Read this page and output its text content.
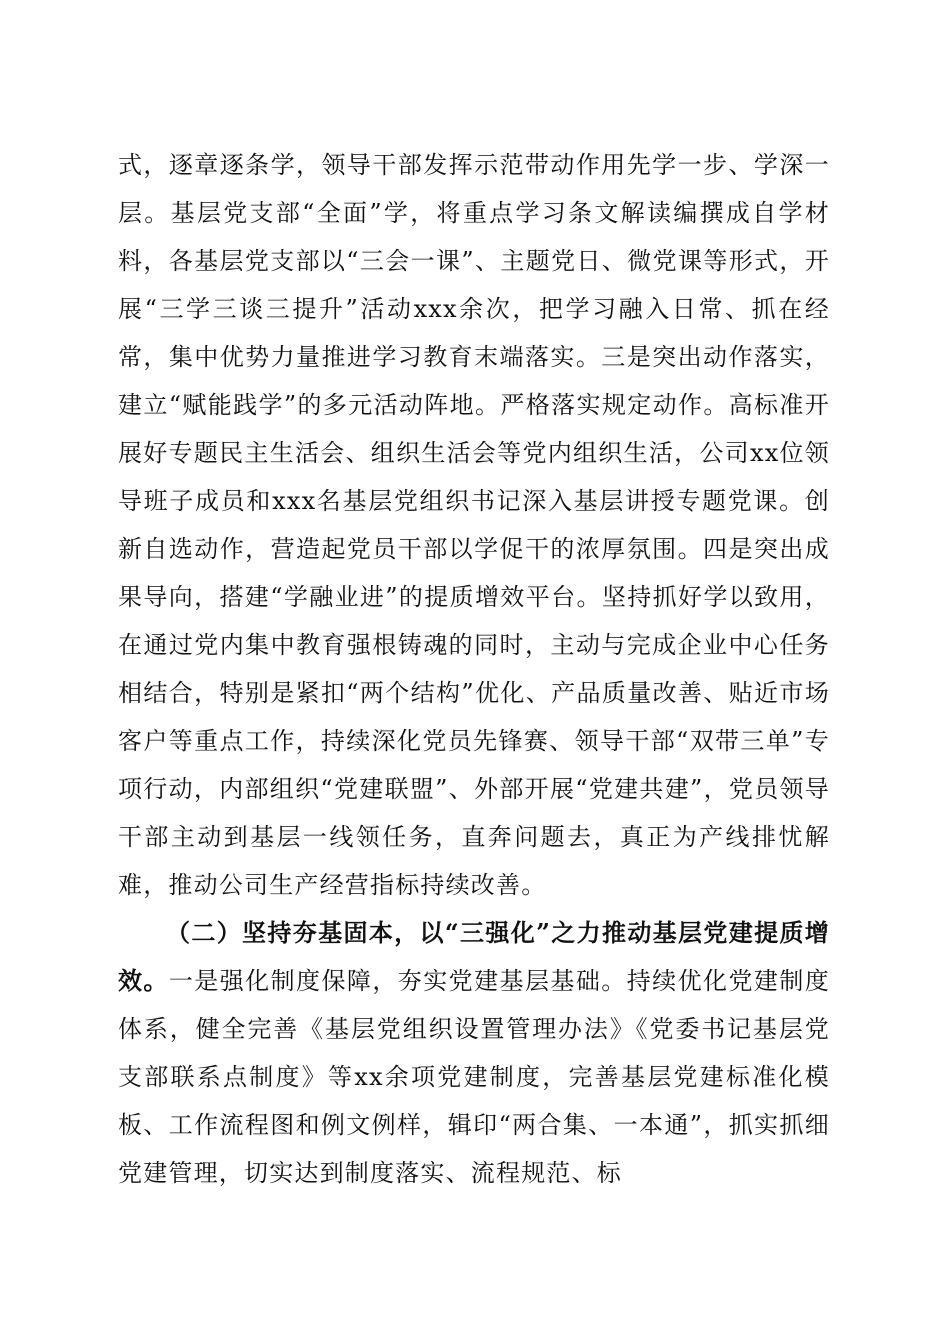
式，逐章逐条学，领导干部发挥示范带动作用先学一步、学深一层。基层党支部“全面”学，将重点学习条文解读编撰成自学材料，各基层党支部以“三会一课”、主题党日、微党课等形式，开展“三学三谈三提升”活动xxx余次，把学习融入日常、抓在经常，集中优势力量推进学习教育末端落实。三是突出动作落实，建立“赋能践学”的多元活动阵地。严格落实规定动作。高标准开展好专题民主生活会、组织生活会等党内组织生活，公司xx位领导班子成员和xxx名基层党组织书记深入基层讲授专题党课。创新自选动作，营造起党员干部以学促干的浓厚氛围。四是突出成果导向，搭建“学融业进”的提质增效平台。坚持抓好学以致用，在通过党内集中教育强根铸魂的同时，主动与完成企业中心任务相结合，特别是紧扣“两个结构”优化、产品质量改善、贴近市场客户等重点工作，持续深化党员先锋赛、领导干部“双带三单”专项行动，内部组织“党建联盟”、外部开展“党建共建”，党员领导干部主动到基层一线领任务，直奔问题去，真正为产线排忧解难，推动公司生产经营指标持续改善。

（二）坚持夯基固本，以“三强化”之力推动基层党建提质增效。一是强化制度保障，夯实党建基层基础。持续优化党建制度体系，健全完善《基层党组织设置管理办法》《党委书记基层党支部联系点制度》等xx余项党建制度，完善基层党建标准化模板、工作流程图和例文例样，辑印“两合集、一本通”，抓实抓细党建管理，切实达到制度落实、流程规范、标
